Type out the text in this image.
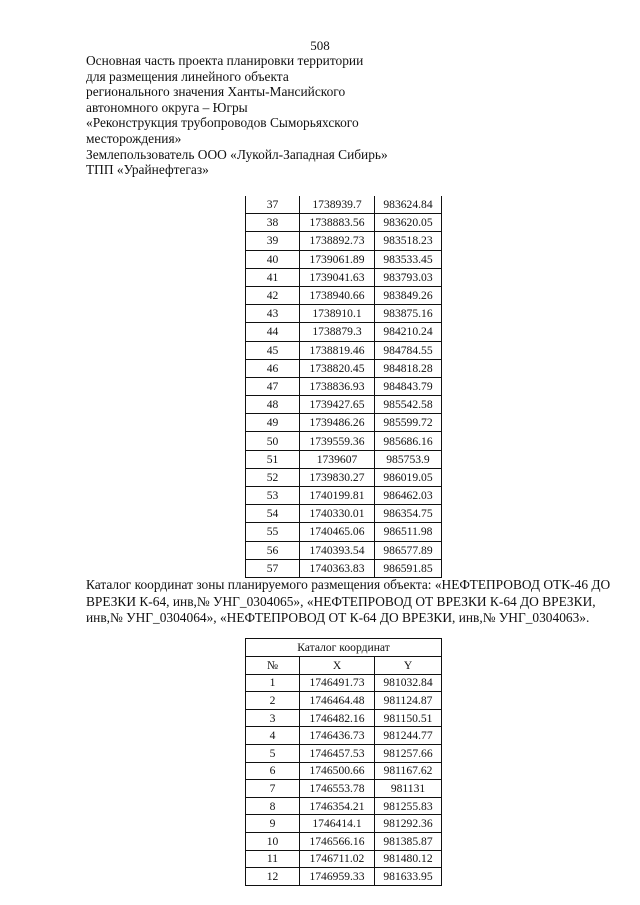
508
Основная часть проекта планировки территории
для размещения линейного объекта
регионального значения Ханты-Мансийского
автономного округа – Югры
«Реконструкция трубопроводов Сыморьяхского
месторождения»
Землепользователь ООО «Лукойл-Западная Сибирь»
ТПП «Урайнефтегаз»
37	1738939.7	983624.84
38	1738883.56	983620.05
39	1738892.73	983518.23
40	1739061.89	983533.45
41	1739041.63	983793.03
42	1738940.66	983849.26
43	1738910.1	983875.16
44	1738879.3	984210.24
45	1738819.46	984784.55
46	1738820.45	984818.28
47	1738836.93	984843.79
48	1739427.65	985542.58
49	1739486.26	985599.72
50	1739559.36	985686.16
51	1739607	985753.9
52	1739830.27	986019.05
53	1740199.81	986462.03
54	1740330.01	986354.75
55	1740465.06	986511.98
56	1740393.54	986577.89
57	1740363.83	986591.85
Каталог координат зоны планируемого размещения объекта: «НЕФТЕПРОВОД ОТК-46 ДО
ВРЕЗКИ К-64, инв,№ УНГ_0304065», «НЕФТЕПРОВОД ОТ ВРЕЗКИ К-64 ДО ВРЕЗКИ,
инв,№ УНГ_0304064», «НЕФТЕПРОВОД ОТ К-64 ДО ВРЕЗКИ, инв,№ УНГ_0304063».
Каталог координат		
№	X	Y
1	1746491.73	981032.84
2	1746464.48	981124.87
3	1746482.16	981150.51
4	1746436.73	981244.77
5	1746457.53	981257.66
6	1746500.66	981167.62
7	1746553.78	981131
8	1746354.21	981255.83
9	1746414.1	981292.36
10	1746566.16	981385.87
11	1746711.02	981480.12
12	1746959.33	981633.95
